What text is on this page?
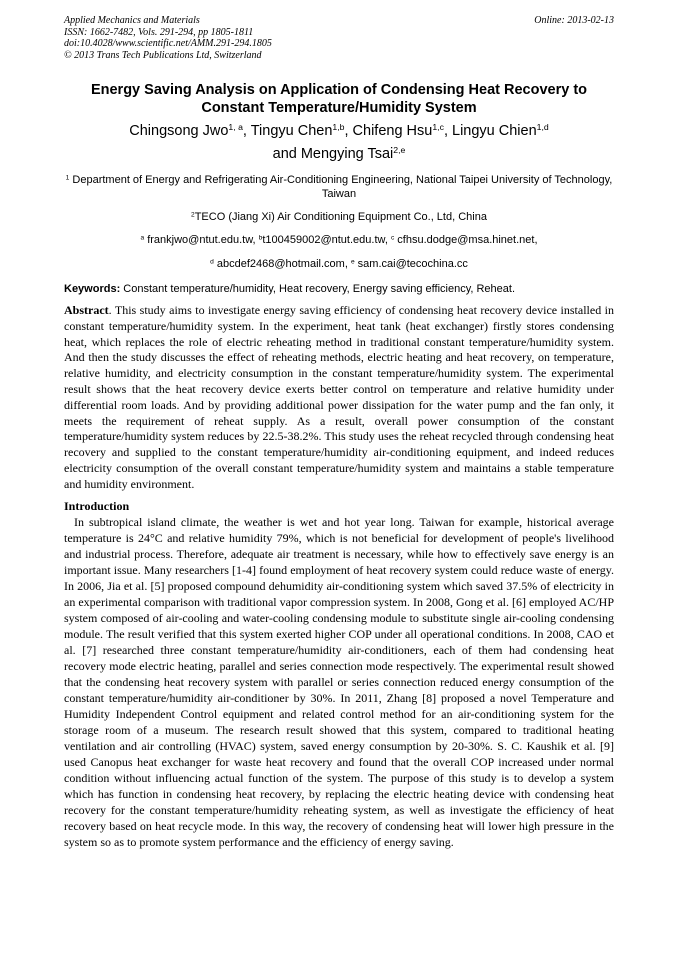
Applied Mechanics and Materials
ISSN: 1662-7482, Vols. 291-294, pp 1805-1811
doi:10.4028/www.scientific.net/AMM.291-294.1805
© 2013 Trans Tech Publications Ltd, Switzerland
Online: 2013-02-13
Energy Saving Analysis on Application of Condensing Heat Recovery to Constant Temperature/Humidity System
Chingsong Jwo$^{1, a}$, Tingyu Chen$^{1,b}$, Chifeng Hsu$^{1,c}$, Lingyu Chien$^{1,d}$
and Mengying Tsai$^{2,e}$
$^1$ Department of Energy and Refrigerating Air-Conditioning Engineering, National Taipei University of Technology, Taiwan
$^2$TECO (Jiang Xi) Air Conditioning Equipment Co., Ltd, China
$^a$ frankjwo@ntut.edu.tw, $^b$t100459002@ntut.edu.tw, $^c$ cfhsu.dodge@msa.hinet.net,
$^d$ abcdef2468@hotmail.com, $^e$ sam.cai@tecochina.cc
Keywords: Constant temperature/humidity, Heat recovery, Energy saving efficiency, Reheat.
Abstract. This study aims to investigate energy saving efficiency of condensing heat recovery device installed in constant temperature/humidity system. In the experiment, heat tank (heat exchanger) firstly stores condensing heat, which replaces the role of electric reheating method in traditional constant temperature/humidity system. And then the study discusses the effect of reheating methods, electric heating and heat recovery, on temperature, relative humidity, and electricity consumption in the constant temperature/humidity system. The experimental result shows that the heat recovery device exerts better control on temperature and relative humidity under differential room loads. And by providing additional power dissipation for the water pump and the fan only, it meets the requirement of reheat supply. As a result, overall power consumption of the constant temperature/humidity system reduces by 22.5-38.2%. This study uses the reheat recycled through condensing heat recovery and supplied to the constant temperature/humidity air-conditioning equipment, and indeed reduces electricity consumption of the overall constant temperature/humidity system and maintains a stable temperature and humidity environment.
Introduction
In subtropical island climate, the weather is wet and hot year long. Taiwan for example, historical average temperature is 24°C and relative humidity 79%, which is not beneficial for development of people's livelihood and industrial process. Therefore, adequate air treatment is necessary, while how to effectively save energy is an important issue. Many researchers [1-4] found employment of heat recovery system could reduce waste of energy. In 2006, Jia et al. [5] proposed compound dehumidity air-conditioning system which saved 37.5% of electricity in an experimental comparison with traditional vapor compression system. In 2008, Gong et al. [6] employed AC/HP system composed of air-cooling and water-cooling condensing module to substitute single air-cooling condensing module. The result verified that this system exerted higher COP under all operational conditions. In 2008, CAO et al. [7] researched three constant temperature/humidity air-conditioners, each of them had condensing heat recovery mode electric heating, parallel and series connection mode respectively. The experimental result showed that the condensing heat recovery system with parallel or series connection reduced energy consumption of the constant temperature/humidity air-conditioner by 30%. In 2011, Zhang [8] proposed a novel Temperature and Humidity Independent Control equipment and related control method for an air-conditioning system for the storage room of a museum. The research result showed that this system, compared to traditional heating ventilation and air controlling (HVAC) system, saved energy consumption by 20-30%. S. C. Kaushik et al. [9] used Canopus heat exchanger for waste heat recovery and found that the overall COP increased under normal condition without influencing actual function of the system. The purpose of this study is to develop a system which has function in condensing heat recovery, by replacing the electric heating device with condensing heat recovery for the constant temperature/humidity reheating system, as well as investigate the efficiency of heat recovery based on heat recycle mode. In this way, the recovery of condensing heat will lower high pressure in the system so as to promote system performance and the efficiency of energy saving.
